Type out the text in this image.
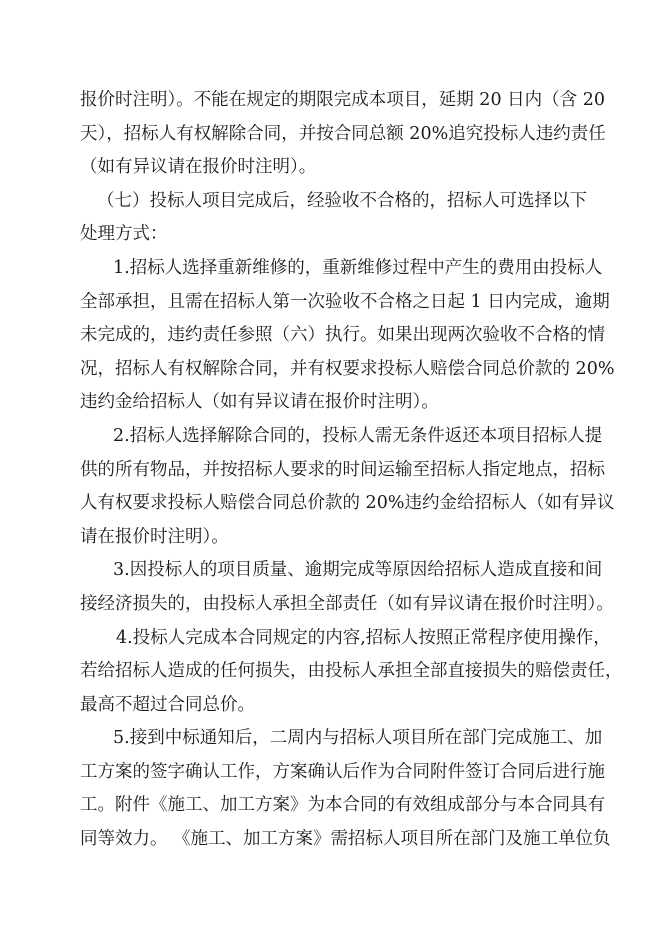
报价时注明）。不能在规定的期限完成本项目，延期 20 日内（含 20
天），招标人有权解除合同，并按合同总额 20%追究投标人违约责任
（如有异议请在报价时注明）。
（七）投标人项目完成后，经验收不合格的，招标人可选择以下
处理方式：
1.招标人选择重新维修的，重新维修过程中产生的费用由投标人
全部承担，且需在招标人第一次验收不合格之日起 1 日内完成，逾期
未完成的，违约责任参照（六）执行。如果出现两次验收不合格的情
况，招标人有权解除合同，并有权要求投标人赔偿合同总价款的 20%
违约金给招标人（如有异议请在报价时注明）。
2.招标人选择解除合同的，投标人需无条件返还本项目招标人提
供的所有物品，并按招标人要求的时间运输至招标人指定地点，招标
人有权要求投标人赔偿合同总价款的 20%违约金给招标人（如有异议
请在报价时注明）。
3.因投标人的项目质量、逾期完成等原因给招标人造成直接和间
接经济损失的，由投标人承担全部责任（如有异议请在报价时注明）。
4.投标人完成本合同规定的内容,招标人按照正常程序使用操作，
若给招标人造成的任何损失，由投标人承担全部直接损失的赔偿责任，
最高不超过合同总价。
5.接到中标通知后，二周内与招标人项目所在部门完成施工、加
工方案的签字确认工作，方案确认后作为合同附件签订合同后进行施
工。附件《施工、加工方案》为本合同的有效组成部分与本合同具有
同等效力。 《施工、加工方案》需招标人项目所在部门及施工单位负
